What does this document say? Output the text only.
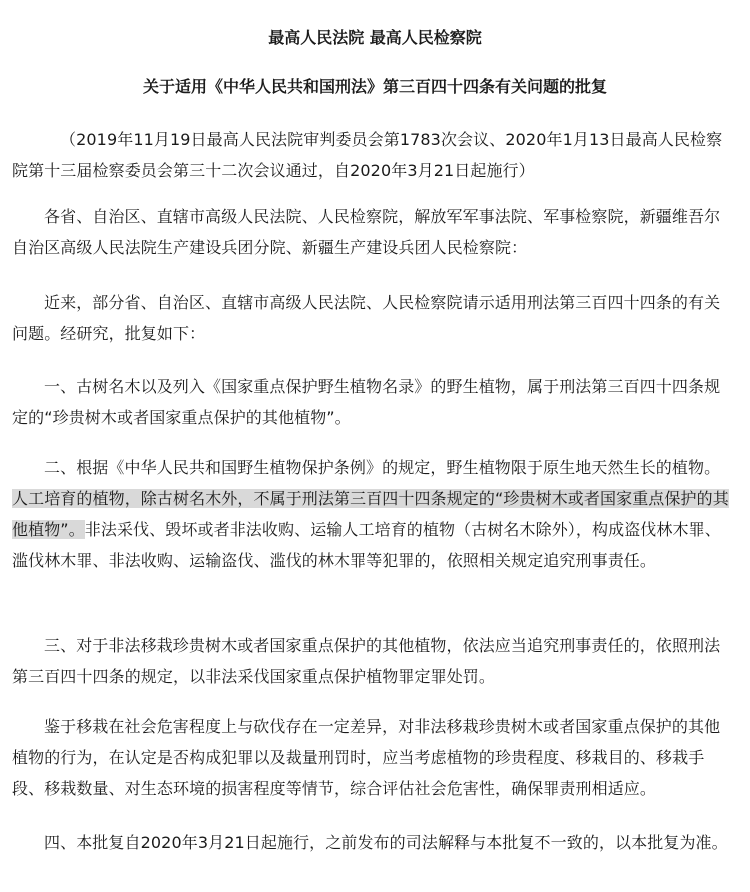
最高人民法院 最高人民检察院

关于适用《中华人民共和国刑法》第三百四十四条有关问题的批复

（2019年11月19日最高人民法院审判委员会第1783次会议、2020年1月13日最高人民检察院第十三届检察委员会第三十二次会议通过，自2020年3月21日起施行）

各省、自治区、直辖市高级人民法院、人民检察院，解放军军事法院、军事检察院，新疆维吾尔自治区高级人民法院生产建设兵团分院、新疆生产建设兵团人民检察院：

近来，部分省、自治区、直辖市高级人民法院、人民检察院请示适用刑法第三百四十四条的有关问题。经研究，批复如下：

一、古树名木以及列入《国家重点保护野生植物名录》的野生植物，属于刑法第三百四十四条规定的“珍贵树木或者国家重点保护的其他植物”。

二、根据《中华人民共和国野生植物保护条例》的规定，野生植物限于原生地天然生长的植物。人工培育的植物，除古树名木外，不属于刑法第三百四十四条规定的“珍贵树木或者国家重点保护的其他植物”。非法采伐、毁坏或者非法收购、运输人工培育的植物（古树名木除外），构成盗伐林木罪、滥伐林木罪、非法收购、运输盗伐、滥伐的林木罪等犯罪的，依照相关规定追究刑事责任。

三、对于非法移栽珍贵树木或者国家重点保护的其他植物，依法应当追究刑事责任的，依照刑法第三百四十四条的规定，以非法采伐国家重点保护植物罪定罪处罚。

鉴于移栽在社会危害程度上与砍伐存在一定差异，对非法移栽珍贵树木或者国家重点保护的其他植物的行为，在认定是否构成犯罪以及裁量刑罚时，应当考虑植物的珍贵程度、移栽目的、移栽手段、移栽数量、对生态环境的损害程度等情节，综合评估社会危害性，确保罪责刑相适应。

四、本批复自2020年3月21日起施行，之前发布的司法解释与本批复不一致的，以本批复为准。
